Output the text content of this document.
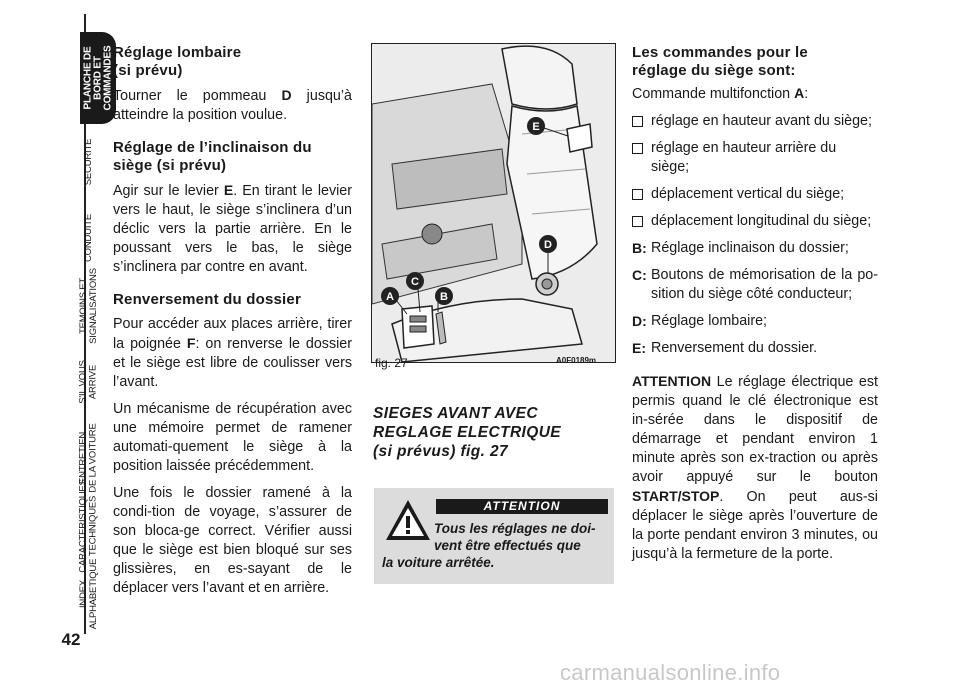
PLANCHE DE
BORD ET
COMMANDES
SECURITE
CONDUITE
TEMOINS ET
SIGNALISATIONS
S'IL VOUS
ARRIVE
ENTRETIEN
DE LA VOITURE
CARACTERISTIQUES
TECHNIQUES
INDEX
ALPHABETIQUE
42
Réglage lombaire
(si prévu)

Tourner le pommeau D jusqu’à atteindre la position voulue.

Réglage de l’inclinaison du
siège (si prévu)

Agir sur le levier E. En tirant le levier vers le haut, le siège s’inclinera d’un déclic vers la partie arrière. En le poussant vers le bas, le siège s’inclinera par contre en avant.

Renversement du dossier

Pour accéder aux places arrière, tirer la poignée F: on renverse le dossier et le siège est libre de coulisser vers l’avant.

Un mécanisme de récupération avec une mémoire permet de ramener automati-quement le siège à la position laissée précédemment.

Une fois le dossier ramené à la condi-tion de voyage, s’assurer de son bloca-ge correct. Vérifier aussi que le siège est bien bloqué sur ses glissières, en es-sayant de le déplacer vers l’avant et en arrière.

A	B
C
D
E
fig. 27	A0F0189m
SIEGES AVANT AVEC
REGLAGE ELECTRIQUE
(si prévus) fig. 27
ATTENTION
Tous les réglages ne doi-
vent être effectués que
la voiture arrêtée.
Les commandes pour le
réglage du siège sont:

Commande multifonction A:

réglage en hauteur avant du siège;
réglage en hauteur arrière du siège;
déplacement vertical du siège;
déplacement longitudinal du siège;
B: Réglage inclinaison du dossier;
C: Boutons de mémorisation de la po-sition du siège côté conducteur;
D: Réglage lombaire;
E: Renversement du dossier.

ATTENTION Le réglage électrique est permis quand le clé électronique est in-sérée dans le dispositif de démarrage et pendant environ 1 minute après son ex-traction ou après avoir appuyé sur le bouton START/STOP. On peut aus-si déplacer le siège après l’ouverture de la porte pendant environ 3 minutes, ou jusqu’à la fermeture de la porte.

carmanualsonline.info
